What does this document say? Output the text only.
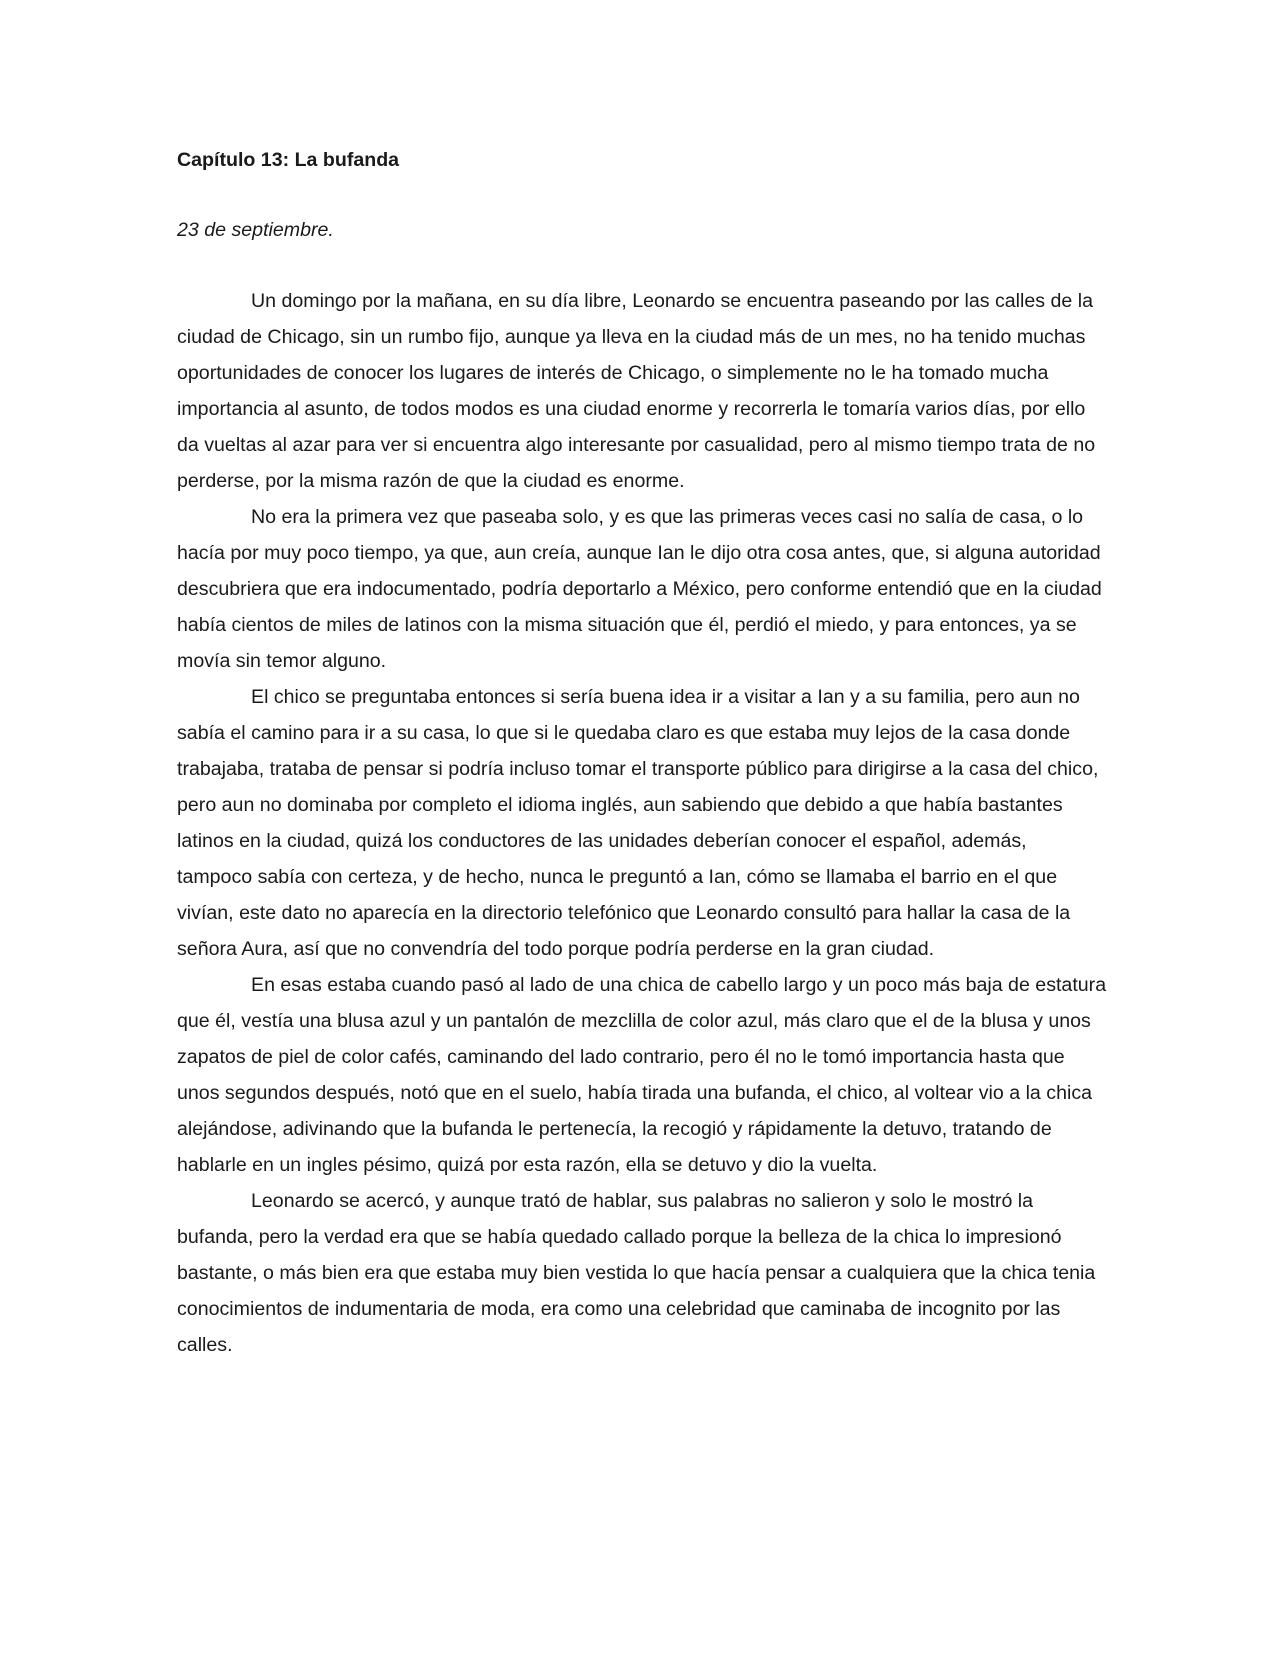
Capítulo 13: La bufanda

23 de septiembre.

Un domingo por la mañana, en su día libre, Leonardo se encuentra paseando por las calles de la ciudad de Chicago, sin un rumbo fijo, aunque ya lleva en la ciudad más de un mes, no ha tenido muchas oportunidades de conocer los lugares de interés de Chicago, o simplemente no le ha tomado mucha importancia al asunto, de todos modos es una ciudad enorme y recorrerla le tomaría varios días, por ello da vueltas al azar para ver si encuentra algo interesante por casualidad, pero al mismo tiempo trata de no perderse, por la misma razón de que la ciudad es enorme.

No era la primera vez que paseaba solo, y es que las primeras veces casi no salía de casa, o lo hacía por muy poco tiempo, ya que, aun creía, aunque Ian le dijo otra cosa antes, que, si alguna autoridad descubriera que era indocumentado, podría deportarlo a México, pero conforme entendió que en la ciudad había cientos de miles de latinos con la misma situación que él, perdió el miedo, y para entonces, ya se movía sin temor alguno.

El chico se preguntaba entonces si sería buena idea ir a visitar a Ian y a su familia, pero aun no sabía el camino para ir a su casa, lo que si le quedaba claro es que estaba muy lejos de la casa donde trabajaba, trataba de pensar si podría incluso tomar el transporte público para dirigirse a la casa del chico, pero aun no dominaba por completo el idioma inglés, aun sabiendo que debido a que había bastantes latinos en la ciudad, quizá los conductores de las unidades deberían conocer el español, además, tampoco sabía con certeza, y de hecho, nunca le preguntó a Ian, cómo se llamaba el barrio en el que vivían, este dato no aparecía en la directorio telefónico que Leonardo consultó para hallar la casa de la señora Aura, así que no convendría del todo porque podría perderse en la gran ciudad.

En esas estaba cuando pasó al lado de una chica de cabello largo y un poco más baja de estatura que él, vestía una blusa azul y un pantalón de mezclilla de color azul, más claro que el de la blusa y unos zapatos de piel de color cafés, caminando del lado contrario, pero él no le tomó importancia hasta que unos segundos después, notó que en el suelo, había tirada una bufanda, el chico, al voltear vio a la chica alejándose, adivinando que la bufanda le pertenecía, la recogió y rápidamente la detuvo, tratando de hablarle en un ingles pésimo, quizá por esta razón, ella se detuvo y dio la vuelta.

Leonardo se acercó, y aunque trató de hablar, sus palabras no salieron y solo le mostró la bufanda, pero la verdad era que se había quedado callado porque la belleza de la chica lo impresionó bastante, o más bien era que estaba muy bien vestida lo que hacía pensar a cualquiera que la chica tenia conocimientos de indumentaria de moda, era como una celebridad que caminaba de incognito por las calles.
